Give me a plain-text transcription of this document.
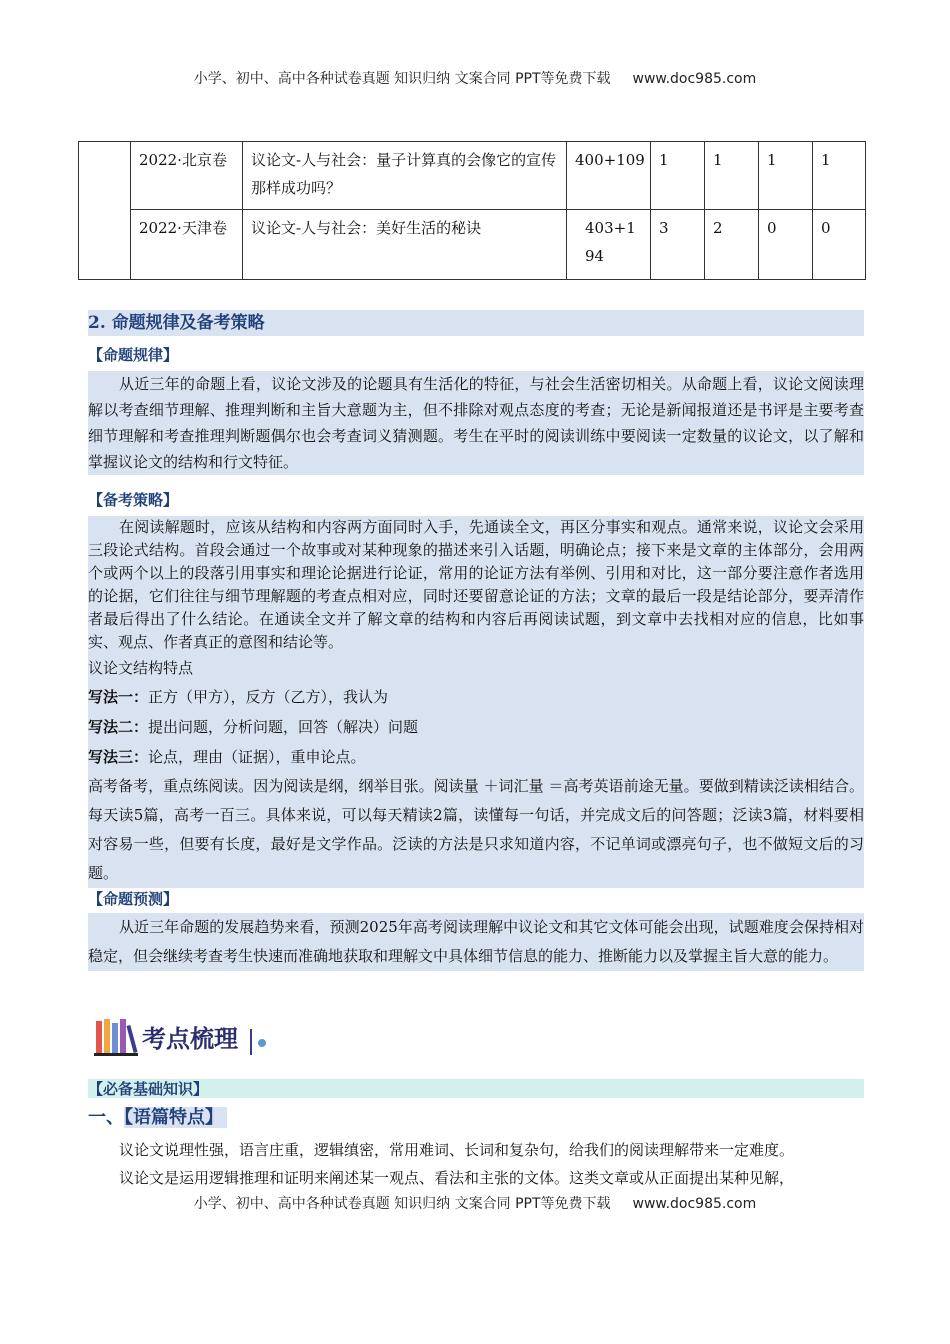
小学、初中、高中各种试卷真题 知识归纳 文案合同 PPT等免费下载 www.doc985.com
	2022·北京卷	议论文-人与社会：量子计算真的会像它的宣传那样成功吗？	400+109	1	1	1	1
	2022·天津卷	议论文-人与社会：美好生活的秘诀	403+194	3	2	0	0
2. 命题规律及备考策略
【命题规律】

从近三年的命题上看，议论文涉及的论题具有生活化的特征，与社会生活密切相关。从命题上看，议论文阅读理解以考查细节理解、推理判断和主旨大意题为主，但不排除对观点态度的考查；无论是新闻报道还是书评是主要考查细节理解和考查推理判断题偶尔也会考查词义猜测题。考生在平时的阅读训练中要阅读一定数量的议论文，以了解和掌握议论文的结构和行文特征。

【备考策略】

在阅读解题时，应该从结构和内容两方面同时入手，先通读全文，再区分事实和观点。通常来说，议论文会采用三段论式结构。首段会通过一个故事或对某种现象的描述来引入话题，明确论点；接下来是文章的主体部分，会用两个或两个以上的段落引用事实和理论论据进行论证，常用的论证方法有举例、引用和对比，这一部分要注意作者选用的论据，它们往往与细节理解题的考查点相对应，同时还要留意论证的方法；文章的最后一段是结论部分，要弄清作者最后得出了什么结论。在通读全文并了解文章的结构和内容后再阅读试题，到文章中去找相对应的信息，比如事实、观点、作者真正的意图和结论等。

议论文结构特点
写法一：正方（甲方），反方（乙方），我认为
写法二：提出问题，分析问题，回答（解决）问题
写法三：论点，理由（证据），重申论点。

高考备考，重点练阅读。因为阅读是纲，纲举目张。阅读量 ＋词汇量 ＝高考英语前途无量。要做到精读泛读相结合。每天读5篇，高考一百三。具体来说，可以每天精读2篇，读懂每一句话，并完成文后的问答题；泛读3篇，材料要相对容易一些，但要有长度，最好是文学作品。泛读的方法是只求知道内容，不记单词或漂亮句子，也不做短文后的习题。

【命题预测】

从近三年命题的发展趋势来看，预测2025年高考阅读理解中议论文和其它文体可能会出现，试题难度会保持相对稳定，但会继续考查考生快速而准确地获取和理解文中具体细节信息的能力、推断能力以及掌握主旨大意的能力。

考点梳理
【必备基础知识】
一、【语篇特点】

议论文说理性强，语言庄重，逻辑缜密，常用难词、长词和复杂句，给我们的阅读理解带来一定难度。

议论文是运用逻辑推理和证明来阐述某一观点、看法和主张的文体。这类文章或从正面提出某种见解，

小学、初中、高中各种试卷真题 知识归纳 文案合同 PPT等免费下载 www.doc985.com
